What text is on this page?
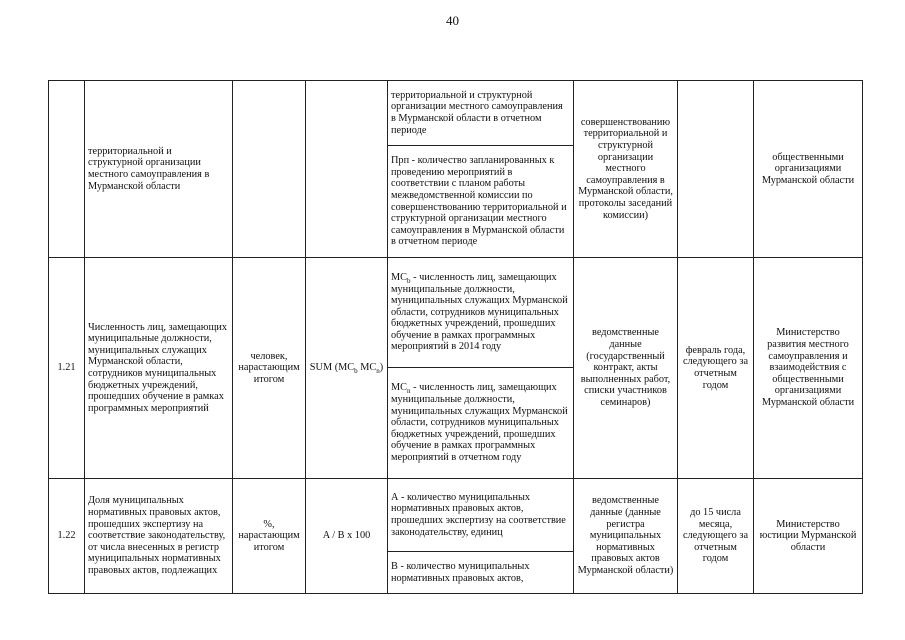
40
	территориальной и структурной организации местного самоуправления в Мурманской области			территориальной и структурной организации местного самоуправления в Мурманской области в отчетном периоде	совершенствованию территориальной и структурной организации местного самоуправления в Мурманской области, протоколы заседаний комиссии)		общественными организациями Мурманской области
				Прп - количество запланированных к проведению мероприятий в соответствии с планом работы межведомственной комиссии по совершенствованию территориальной и структурной организации местного самоуправления в Мурманской области в отчетном периоде			
1.21	Численность лиц, замещающих муниципальные должности, муниципальных служащих Мурманской области, сотрудников муниципальных бюджетных учреждений, прошедших обучение в рамках программных мероприятий	человек, нарастающим итогом	SUM ($MC_b$ $MC_n$)	$MC_b$ - численность лиц, замещающих муниципальные должности, муниципальных служащих Мурманской области, сотрудников муниципальных бюджетных учреждений, прошедших обучение в рамках программных мероприятий в 2014 году	ведомственные данные (государственный контракт, акты выполненных работ, списки участников семинаров)	февраль года, следующего за отчетным годом	Министерство развития местного самоуправления и взаимодействия с общественными организациями Мурманской области
				$MC_n$ - численность лиц, замещающих муниципальные должности, муниципальных служащих Мурманской области, сотрудников муниципальных бюджетных учреждений, прошедших обучение в рамках программных мероприятий в отчетном году			
1.22	Доля муниципальных нормативных правовых актов, прошедших экспертизу на соответствие законодательству, от числа внесенных в регистр муниципальных нормативных правовых актов, подлежащих	%, нарастающим итогом	A / B x 100	А - количество муниципальных нормативных правовых актов, прошедших экспертизу на соответствие законодательству, единиц	ведомственные данные (данные регистра муниципальных нормативных правовых актов Мурманской области)	до 15 числа месяца, следующего за отчетным годом	Министерство юстиции Мурманской области
				В - количество муниципальных нормативных правовых актов,			
